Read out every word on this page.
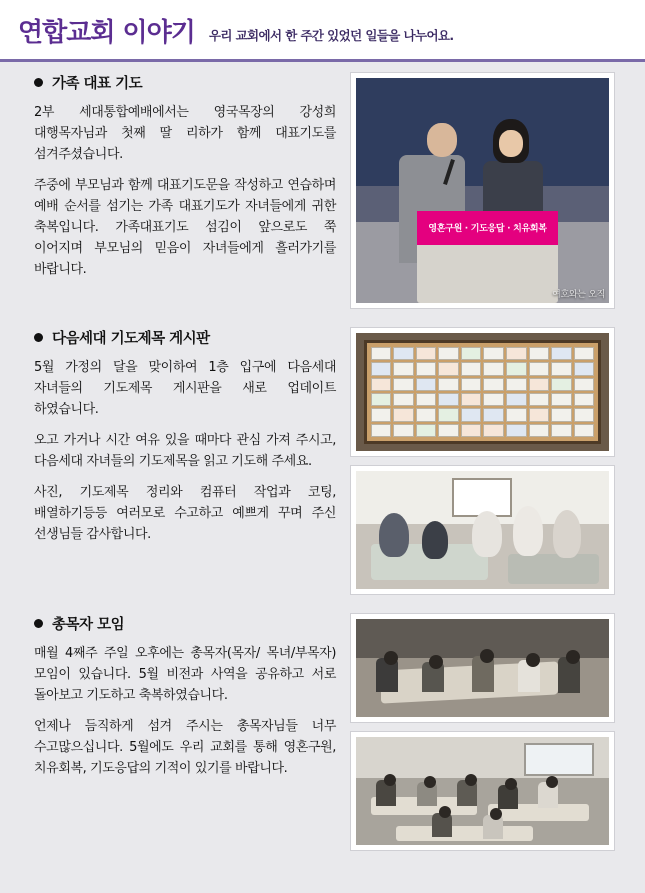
연합교회 이야기 우리 교회에서 한 주간 있었던 일들을 나누어요.
가족 대표 기도

2부 세대통합예배에서는 영국목장의 강성희 대행목자님과 첫째 딸 리하가 함께 대표기도를 섬겨주셨습니다.

주중에 부모님과 함께 대표기도문을 작성하고 연습하며 예배 순서를 섬기는 가족 대표기도가 자녀들에게 귀한 축복입니다. 가족대표기도 섬김이 앞으로도 쭉 이어지며 부모님의 믿음이 자녀들에게 흘러가기를 바랍니다.

영혼구원 · 기도응답 · 치유회복
여호와는 오직
다음세대 기도제목 게시판

5월 가정의 달을 맞이하여 1층 입구에 다음세대 자녀들의 기도제목 게시판을 새로 업데이트 하였습니다.

오고 가거나 시간 여유 있을 때마다 관심 가져 주시고, 다음세대 자녀들의 기도제목을 읽고 기도해 주세요.

사진, 기도제목 정리와 컴퓨터 작업과 코팅, 배열하기등등 여러모로 수고하고 예쁘게 꾸며 주신 선생님들 감사합니다.

총목자 모임

매월 4째주 주일 오후에는 총목자(목자/ 목녀/부목자) 모임이 있습니다. 5월 비전과 사역을 공유하고 서로 돌아보고 기도하고 축복하였습니다.

언제나 듬직하게 섬겨 주시는 총목자님들 너무 수고많으십니다. 5월에도 우리 교회를 통해 영혼구원, 치유회복, 기도응답의 기적이 있기를 바랍니다.
